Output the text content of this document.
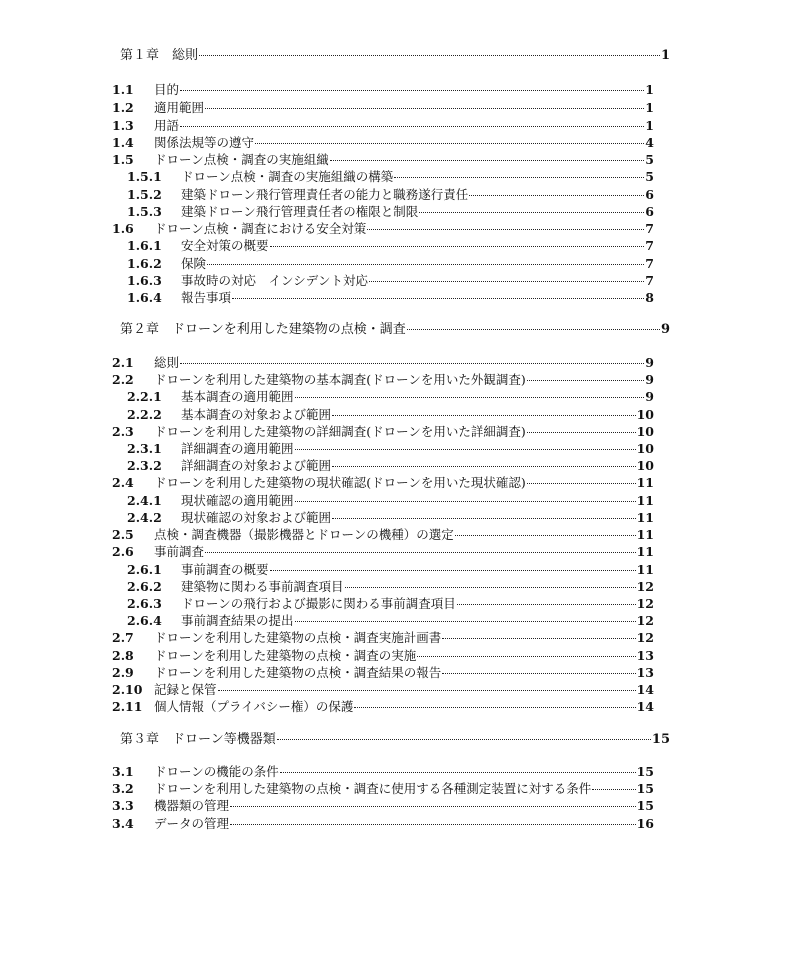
第１章　総則	1
1.1	目的	1
1.2	適用範囲	1
1.3	用語	1
1.4	関係法規等の遵守	4
1.5	ドローン点検・調査の実施組織	5
1.5.1	ドローン点検・調査の実施組織の構築	5
1.5.2	建築ドローン飛行管理責任者の能力と職務遂行責任	6
1.5.3	建築ドローン飛行管理責任者の権限と制限	6
1.6	ドローン点検・調査における安全対策	7
1.6.1	安全対策の概要	7
1.6.2	保険	7
1.6.3	事故時の対応　インシデント対応	7
1.6.4	報告事項	8
第２章　ドローンを利用した建築物の点検・調査	9
2.1	総則	9
2.2	ドローンを利用した建築物の基本調査(ドローンを用いた外観調査)	9
2.2.1	基本調査の適用範囲	9
2.2.2	基本調査の対象および範囲	10
2.3	ドローンを利用した建築物の詳細調査(ドローンを用いた詳細調査)	10
2.3.1	詳細調査の適用範囲	10
2.3.2	詳細調査の対象および範囲	10
2.4	ドローンを利用した建築物の現状確認(ドローンを用いた現状確認)	11
2.4.1	現状確認の適用範囲	11
2.4.2	現状確認の対象および範囲	11
2.5	点検・調査機器（撮影機器とドローンの機種）の選定	11
2.6	事前調査	11
2.6.1	事前調査の概要	11
2.6.2	建築物に関わる事前調査項目	12
2.6.3	ドローンの飛行および撮影に関わる事前調査項目	12
2.6.4	事前調査結果の提出	12
2.7	ドローンを利用した建築物の点検・調査実施計画書	12
2.8	ドローンを利用した建築物の点検・調査の実施	13
2.9	ドローンを利用した建築物の点検・調査結果の報告	13
2.10 記録と保管	14
2.11 個人情報（プライバシー権）の保護	14
第３章　ドローン等機器類	15
3.1	ドローンの機能の条件	15
3.2	ドローンを利用した建築物の点検・調査に使用する各種測定装置に対する条件	15
3.3	機器類の管理	15
3.4	データの管理	16
